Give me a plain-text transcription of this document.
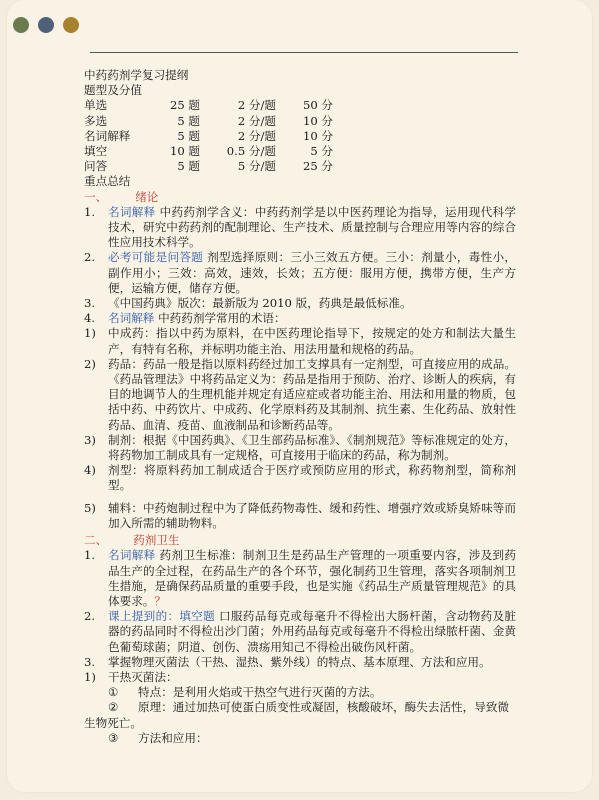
中药药剂学复习提纲
题型及分值
单选	25 题	2 分/题	50 分
多选	5 题	2 分/题	10 分
名词解释	5 题	2 分/题	10 分
填空	10 题	0.5 分/题	5 分
问答	5 题	5 分/题	25 分
重点总结
一、 绪论
1. 名词解释 中药药剂学含义：中药药剂学是以中医药理论为指导，运用现代科学技术，研究中药药剂的配制理论、生产技术、质量控制与合理应用等内容的综合性应用技术科学。
2. 必考可能是问答题 剂型选择原则：三小三效五方便。三小：剂量小，毒性小，副作用小；三效：高效，速效，长效；五方便：服用方便，携带方便，生产方便，运输方便，储存方便。
3. 《中国药典》版次：最新版为 2010 版，药典是最低标准。
4. 名词解释 中药药剂学常用的术语：
1) 中成药：指以中药为原料，在中医药理论指导下，按规定的处方和制法大量生产，有特有名称，并标明功能主治、用法用量和规格的药品。
2) 药品：药品一般是指以原料药经过加工支撑具有一定剂型，可直接应用的成品。《药品管理法》中将药品定义为：药品是指用于预防、治疗、诊断人的疾病，有目的地调节人的生理机能并规定有适应症或者功能主治、用法和用量的物质，包括中药、中药饮片、中成药、化学原料药及其制剂、抗生素、生化药品、放射性药品、血清、疫苗、血液制品和诊断药品等。
3) 制剂：根据《中国药典》、《卫生部药品标准》、《制剂规范》等标准规定的处方，将药物加工制成具有一定规格，可直接用于临床的药品，称为制剂。
4) 剂型：将原料药加工制成适合于医疗或预防应用的形式，称药物剂型，简称剂型。
5) 辅料：中药炮制过程中为了降低药物毒性、缓和药性、增强疗效或矫臭矫味等而加入所需的辅助物料。
二、 药剂卫生
1. 名词解释 药剂卫生标准：制剂卫生是药品生产管理的一项重要内容，涉及到药品生产的全过程，在药品生产的各个环节，强化制药卫生管理，落实各项制剂卫生措施，是确保药品质量的重要手段，也是实施《药品生产质量管理规范》的具体要求。？
2. 课上提到的：填空题 口服药品每克或每毫升不得检出大肠杆菌，含动物药及脏器的药品同时不得检出沙门菌；外用药品每克或每毫升不得检出绿脓杆菌、金黄色葡萄球菌；阴道、创伤、溃疡用知己不得检出破伤风杆菌。
3. 掌握物理灭菌法（干热、湿热、紫外线）的特点、基本原理、方法和应用。
1) 干热灭菌法：
① 特点：是利用火焰或干热空气进行灭菌的方法。
② 原理：通过加热可使蛋白质变性或凝固，核酸破坏，酶失去活性，导致微生物死亡。
③ 方法和应用：
